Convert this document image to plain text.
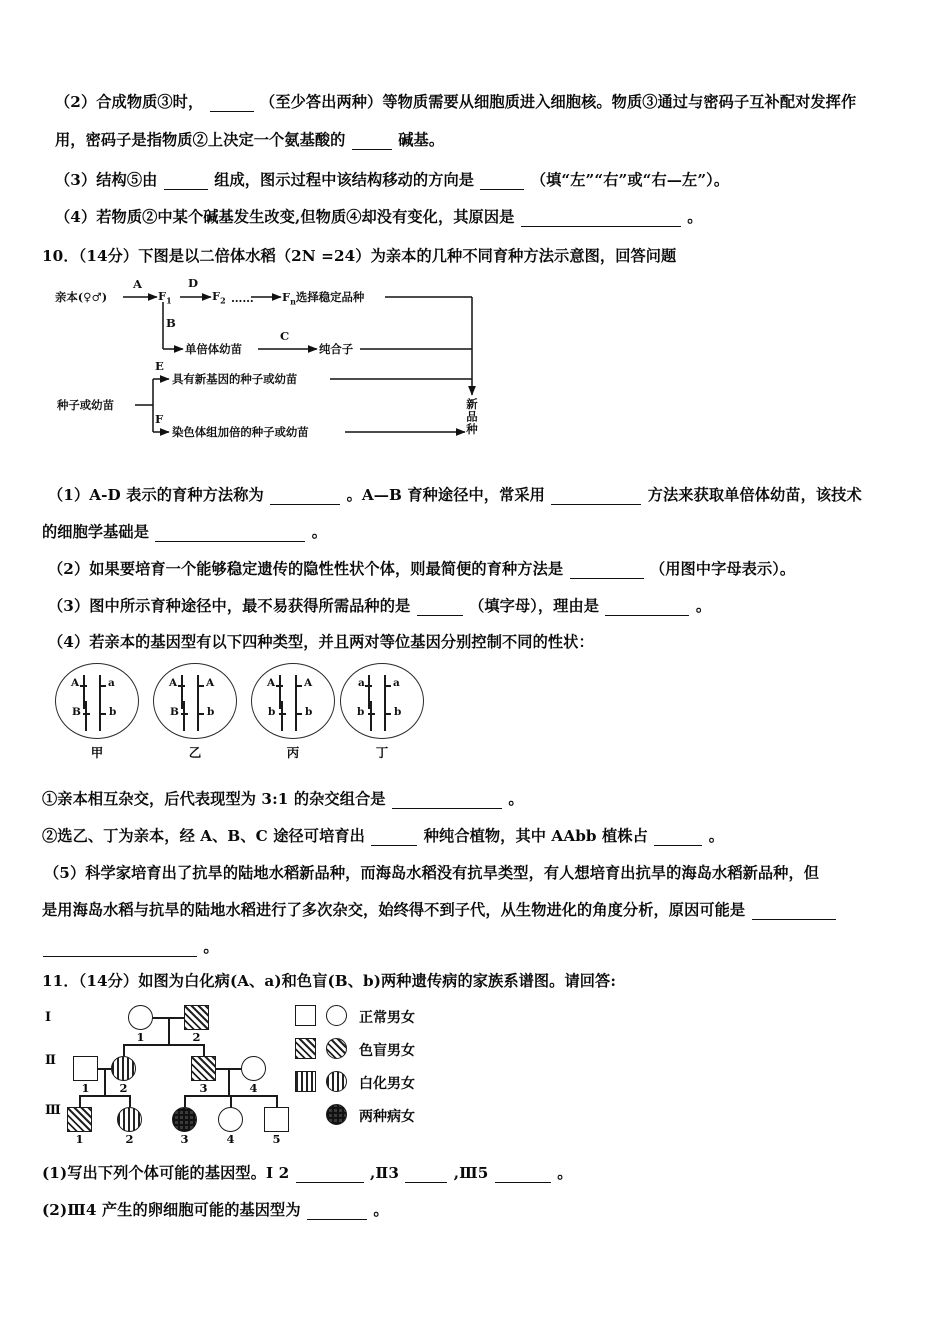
（2）合成物质③时，	（至少答出两种）等物质需要从细胞质进入细胞核。物质③通过与密码子互补配对发挥作
用，密码子是指物质②上决定一个氨基酸的	碱基。
（3）结构⑤由	组成，图示过程中该结构移动的方向是	（填“左”“右”或“右—左”）。
（4）若物质②中某个碱基发生改变,但物质④却没有变化，其原因是	。
10．（14分）下图是以二倍体水稻（2N =24）为亲本的几种不同育种方法示意图，回答问题
亲本(♀♂)
A
$F_1$
D
$F_2$ …… $F_n$选择稳定品种
B
单倍体幼苗
C
纯合子
种子或幼苗
E
具有新基因的种子或幼苗
F
染色体组加倍的种子或幼苗	新品种
（1）A-D 表示的育种方法称为	。A—B 育种途径中，常采用	方法来获取单倍体幼苗，该技术
的细胞学基础是	。
（2）如果要培育一个能够稳定遗传的隐性性状个体，则最简便的育种方法是	（用图中字母表示）。
（3）图中所示育种途径中，最不易获得所需品种的是	（填字母），理由是	。
（4）若亲本的基因型有以下四种类型，并且两对等位基因分别控制不同的性状：
A	a
B	b
甲
A	A
B	b
乙
A	A
b	b
丙
a	a
b	b
丁
①亲本相互杂交，后代表现型为 3:1 的杂交组合是	。
②选乙、丁为亲本，经 A、B、C 途径可培育出	种纯合植物，其中 AAbb 植株占	。
（5）科学家培育出了抗旱的陆地水稻新品种，而海岛水稻没有抗旱类型，有人想培育出抗旱的海岛水稻新品种，但
是用海岛水稻与抗旱的陆地水稻进行了多次杂交，始终得不到子代，从生物进化的角度分析，原因可能是
。
11．（14分）如图为白化病(A、a)和色盲(B、b)两种遗传病的家族系谱图。请回答:
Ⅰ
Ⅱ
Ⅲ
1	2
1	2	3	4
1	2	3	4	5
正常男女
色盲男女
白化男女
两种病女
(1)写出下列个体可能的基因型。Ⅰ 2	,Ⅱ3	,Ⅲ5	。
(2)Ⅲ4 产生的卵细胞可能的基因型为	。
